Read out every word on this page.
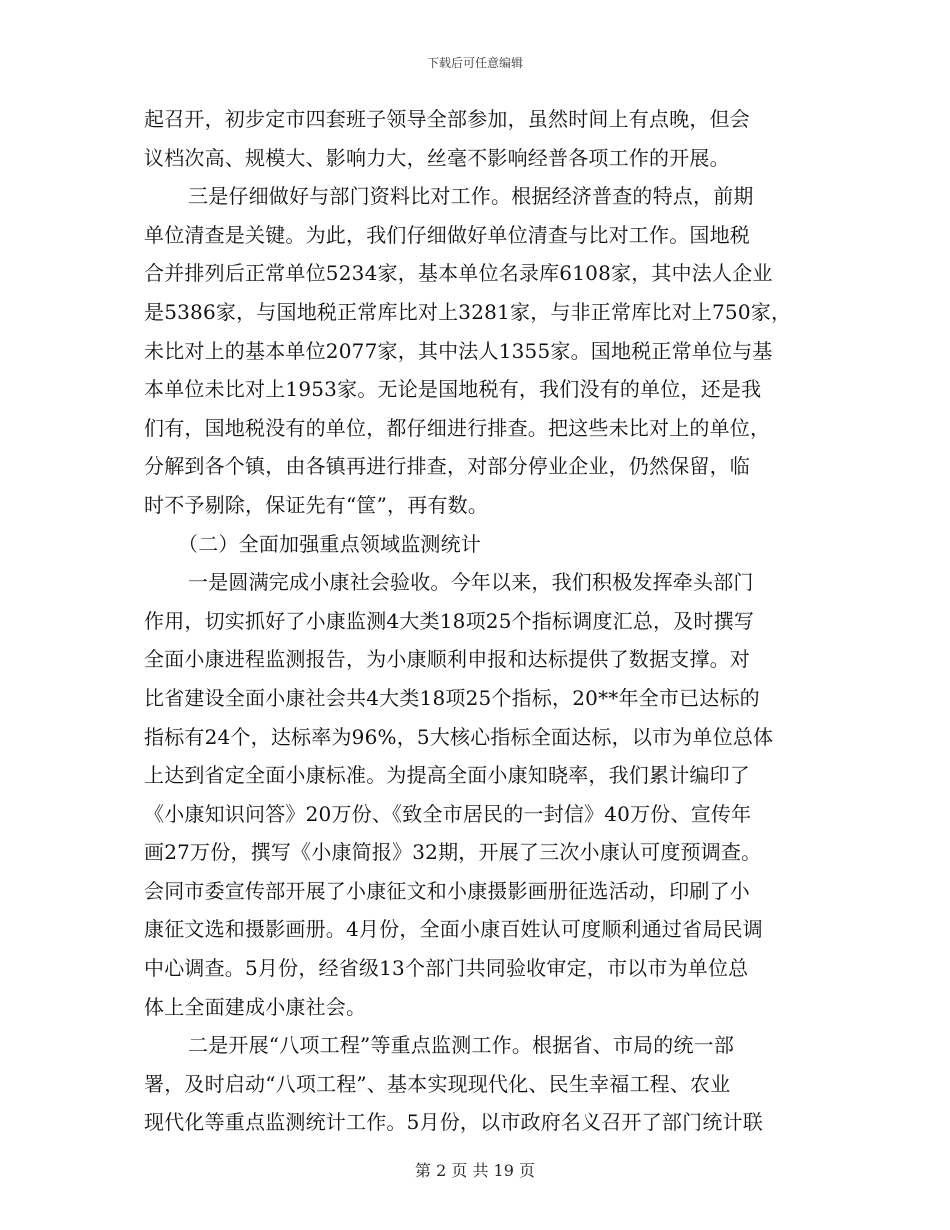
下载后可任意编辑
起召开，初步定市四套班子领导全部参加，虽然时间上有点晚，但会
议档次高、规模大、影响力大，丝毫不影响经普各项工作的开展。
三是仔细做好与部门资料比对工作。根据经济普查的特点，前期
单位清查是关键。为此，我们仔细做好单位清查与比对工作。国地税
合并排列后正常单位5234家，基本单位名录库6108家，其中法人企业
是5386家，与国地税正常库比对上3281家，与非正常库比对上750家，
未比对上的基本单位2077家，其中法人1355家。国地税正常单位与基
本单位未比对上1953家。无论是国地税有，我们没有的单位，还是我
们有，国地税没有的单位，都仔细进行排查。把这些未比对上的单位，
分解到各个镇，由各镇再进行排查，对部分停业企业，仍然保留，临
时不予剔除，保证先有“筐”，再有数。
（二）全面加强重点领域监测统计
一是圆满完成小康社会验收。今年以来，我们积极发挥牵头部门
作用，切实抓好了小康监测4大类18项25个指标调度汇总，及时撰写
全面小康进程监测报告，为小康顺利申报和达标提供了数据支撑。对
比省建设全面小康社会共4大类18项25个指标，20**年全市已达标的
指标有24个，达标率为96%，5大核心指标全面达标，以市为单位总体
上达到省定全面小康标准。为提高全面小康知晓率，我们累计编印了
《小康知识问答》20万份、《致全市居民的一封信》40万份、宣传年
画27万份，撰写《小康简报》32期，开展了三次小康认可度预调查。
会同市委宣传部开展了小康征文和小康摄影画册征选活动，印刷了小
康征文选和摄影画册。4月份，全面小康百姓认可度顺利通过省局民调
中心调查。5月份，经省级13个部门共同验收审定，市以市为单位总
体上全面建成小康社会。
二是开展“八项工程”等重点监测工作。根据省、市局的统一部
署，及时启动“八项工程”、基本实现现代化、民生幸福工程、农业
现代化等重点监测统计工作。5月份，以市政府名义召开了部门统计联
第 2 页 共 19 页
